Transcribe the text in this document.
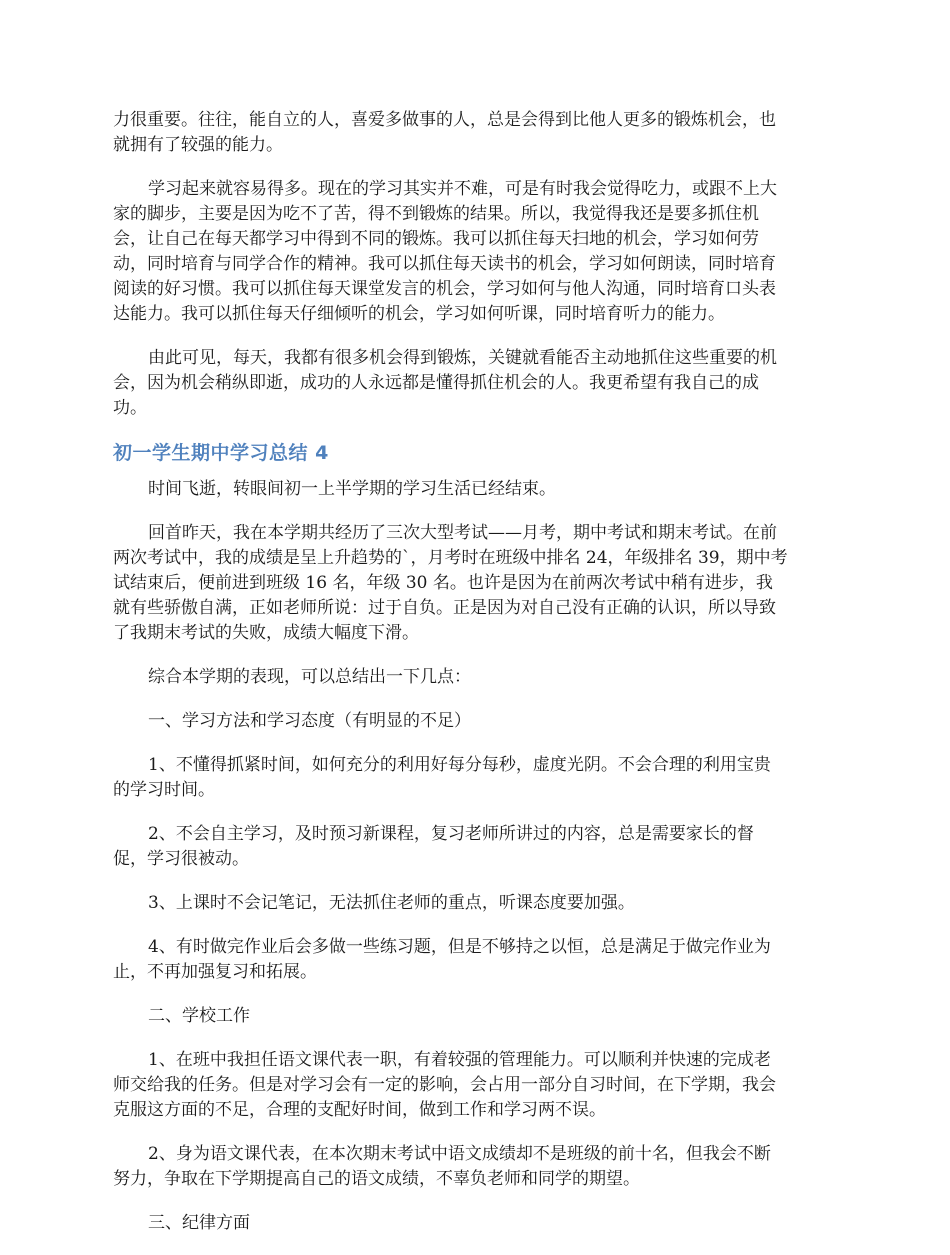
力很重要。往往，能自立的人，喜爱多做事的人，总是会得到比他人更多的锻炼机会，也
就拥有了较强的能力。
学习起来就容易得多。现在的学习其实并不难，可是有时我会觉得吃力，或跟不上大
家的脚步，主要是因为吃不了苦，得不到锻炼的结果。所以，我觉得我还是要多抓住机
会，让自己在每天都学习中得到不同的锻炼。我可以抓住每天扫地的机会，学习如何劳
动，同时培育与同学合作的精神。我可以抓住每天读书的机会，学习如何朗读，同时培育
阅读的好习惯。我可以抓住每天课堂发言的机会，学习如何与他人沟通，同时培育口头表
达能力。我可以抓住每天仔细倾听的机会，学习如何听课，同时培育听力的能力。
由此可见，每天，我都有很多机会得到锻炼，关键就看能否主动地抓住这些重要的机
会，因为机会稍纵即逝，成功的人永远都是懂得抓住机会的人。我更希望有我自己的成
功。
初一学生期中学习总结 4
时间飞逝，转眼间初一上半学期的学习生活已经结束。
回首昨天，我在本学期共经历了三次大型考试——月考，期中考试和期末考试。在前
两次考试中，我的成绩是呈上升趋势的`，月考时在班级中排名 24，年级排名 39，期中考
试结束后，便前进到班级 16 名，年级 30 名。也许是因为在前两次考试中稍有进步，我
就有些骄傲自满，正如老师所说：过于自负。正是因为对自己没有正确的认识，所以导致
了我期末考试的失败，成绩大幅度下滑。
综合本学期的表现，可以总结出一下几点：
一、学习方法和学习态度（有明显的不足）
1、不懂得抓紧时间，如何充分的利用好每分每秒，虚度光阴。不会合理的利用宝贵
的学习时间。
2、不会自主学习，及时预习新课程，复习老师所讲过的内容，总是需要家长的督
促，学习很被动。
3、上课时不会记笔记，无法抓住老师的重点，听课态度要加强。
4、有时做完作业后会多做一些练习题，但是不够持之以恒，总是满足于做完作业为
止，不再加强复习和拓展。
二、学校工作
1、在班中我担任语文课代表一职，有着较强的管理能力。可以顺利并快速的完成老
师交给我的任务。但是对学习会有一定的影响，会占用一部分自习时间，在下学期，我会
克服这方面的不足，合理的支配好时间，做到工作和学习两不误。
2、身为语文课代表，在本次期末考试中语文成绩却不是班级的前十名，但我会不断
努力，争取在下学期提高自己的语文成绩，不辜负老师和同学的期望。
三、纪律方面
